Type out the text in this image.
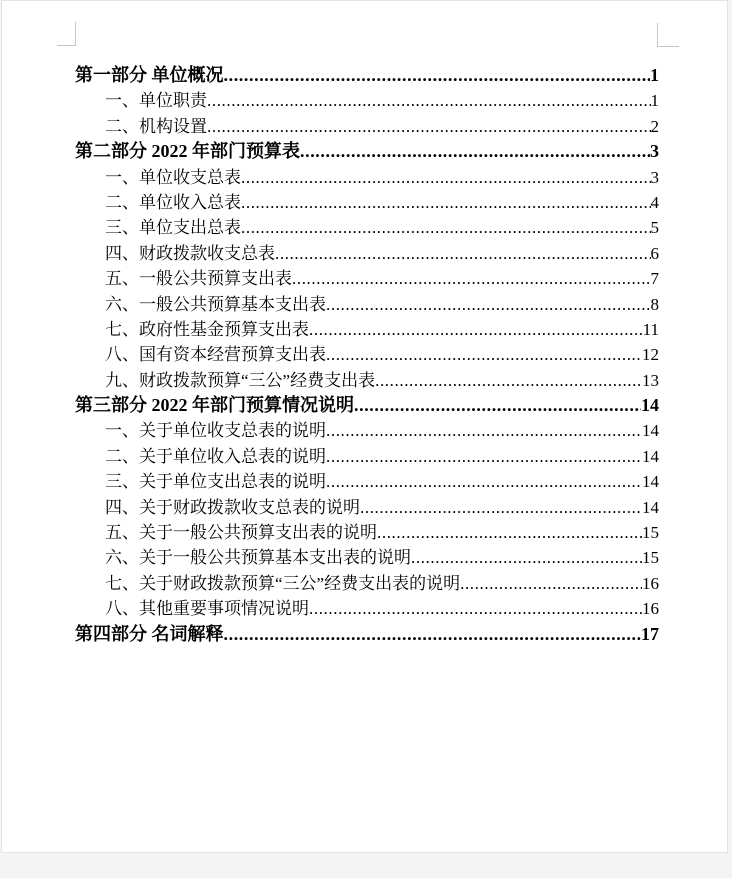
第一部分 单位概况 .....	1
一、单位职责 .....	1
二、机构设置 .....	2
第二部分 2022 年部门预算表 .....	3
一、单位收支总表 .....	3
二、单位收入总表 .....	4
三、单位支出总表 .....	5
四、财政拨款收支总表 .....	6
五、一般公共预算支出表 .....	7
六、一般公共预算基本支出表 .....	8
七、政府性基金预算支出表 .....	11
八、国有资本经营预算支出表 .....	12
九、财政拨款预算“三公”经费支出表 .....	13
第三部分 2022 年部门预算情况说明 .....	14
一、关于单位收支总表的说明 .....	14
二、关于单位收入总表的说明 .....	14
三、关于单位支出总表的说明 .....	14
四、关于财政拨款收支总表的说明 .....	14
五、关于一般公共预算支出表的说明 .....	15
六、关于一般公共预算基本支出表的说明 .....	15
七、关于财政拨款预算“三公”经费支出表的说明 .....	16
八、其他重要事项情况说明 .....	16
第四部分 名词解释 .....	17
